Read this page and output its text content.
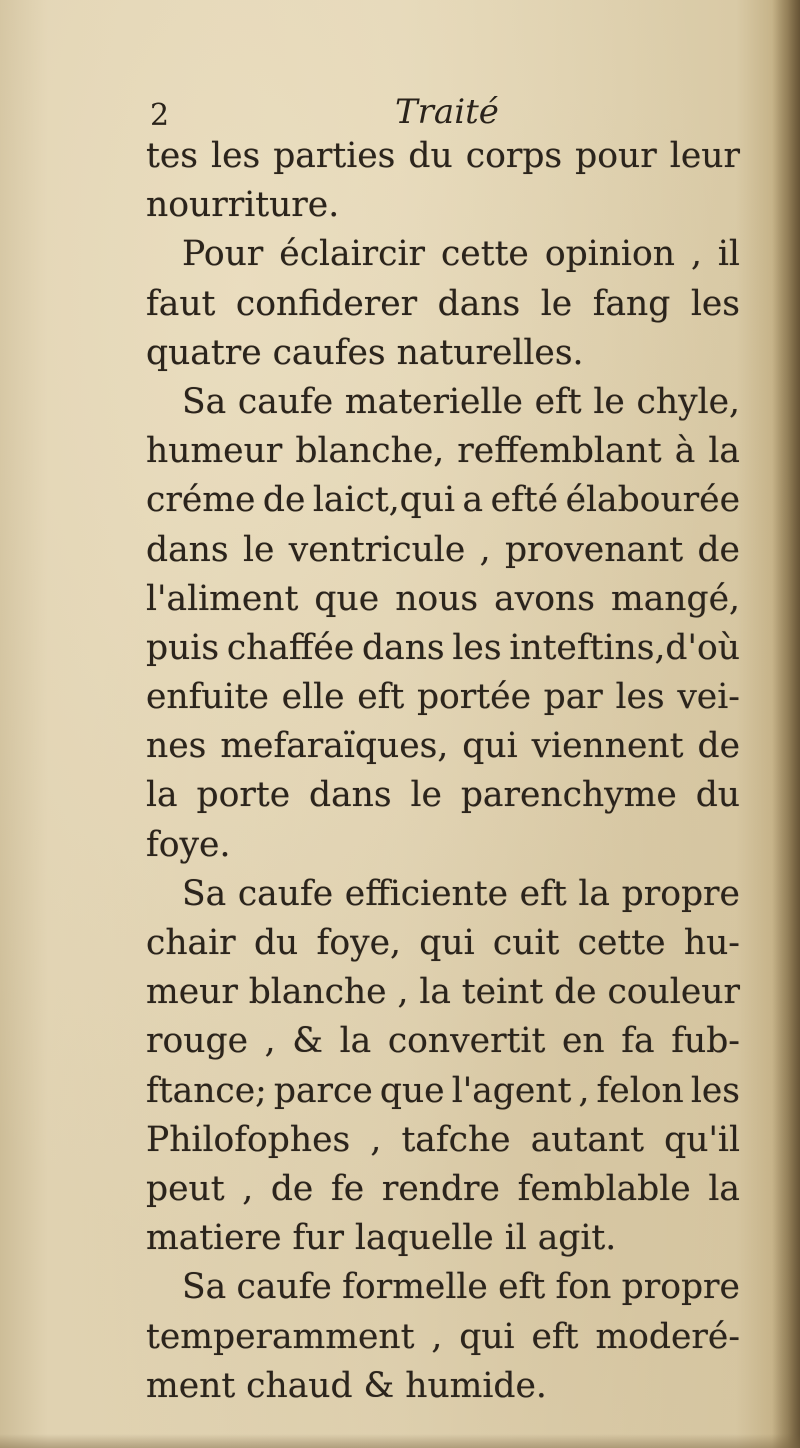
2	Traité
tes les parties du corps pour leur
nourriture.
Pour éclaircir cette opinion , il
faut confiderer dans le fang les
quatre caufes naturelles.
Sa caufe materielle eft le chyle,
humeur blanche, reffemblant à la
créme de laict,qui a efté élabourée
dans le ventricule , provenant de
l'aliment que nous avons mangé,
puis chaffée dans les inteftins,d'où
enfuite elle eft portée par les vei-
nes mefaraïques, qui viennent de
la porte dans le parenchyme du
foye.
Sa caufe efficiente eft la propre
chair du foye, qui cuit cette hu-
meur blanche , la teint de couleur
rouge , & la convertit en fa fub-
ftance; parce que l'agent , felon les
Philofophes , tafche autant qu'il
peut , de fe rendre femblable la
matiere fur laquelle il agit.
Sa caufe formelle eft fon propre
temperamment , qui eft moderé-
ment chaud & humide.
